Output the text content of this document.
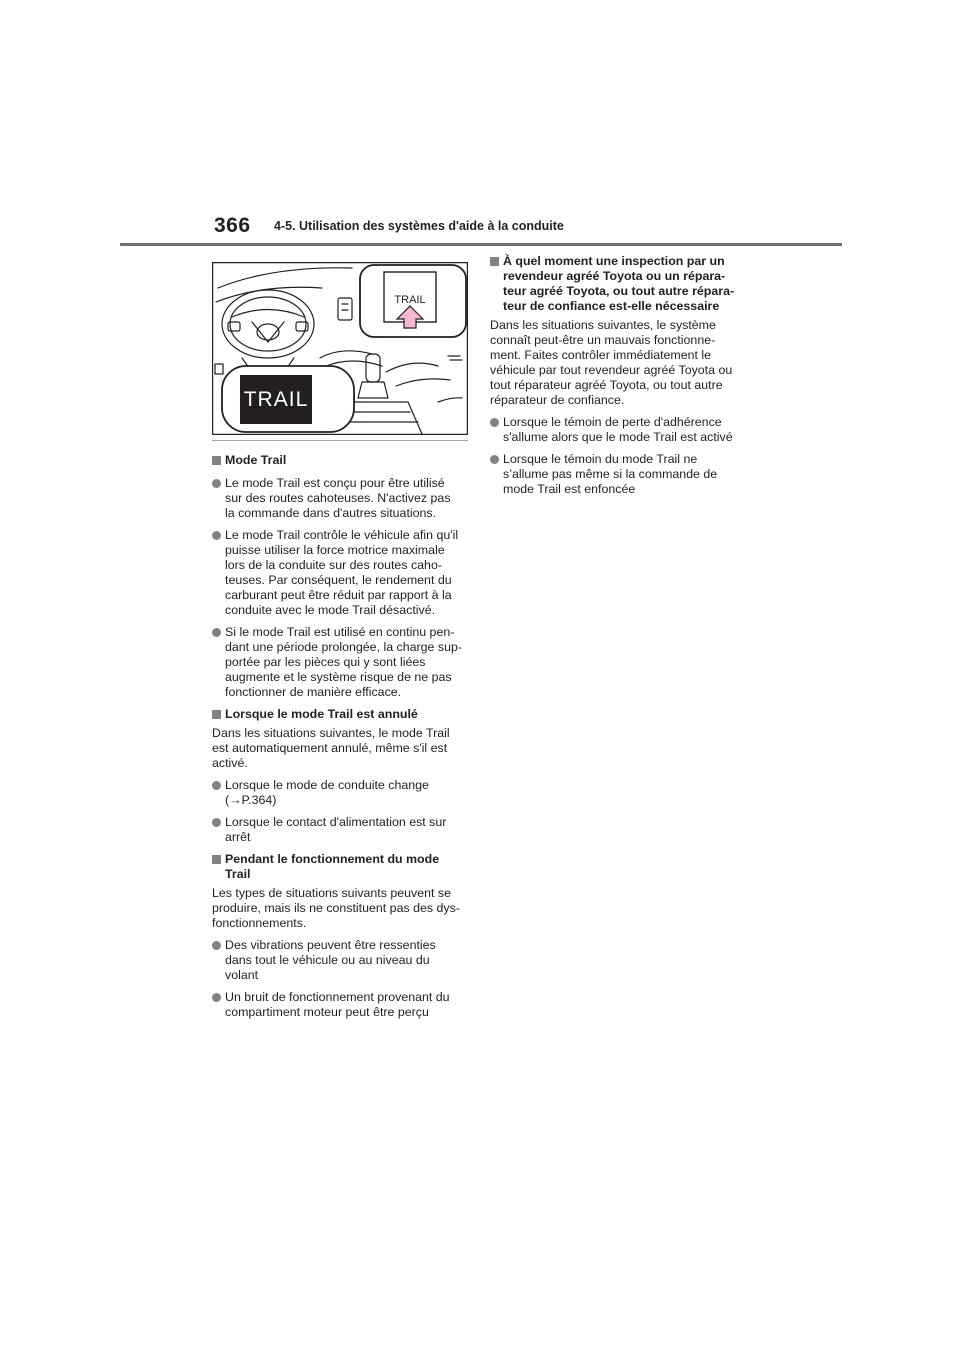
366 4-5. Utilisation des systèmes d'aide à la conduite
TRAIL
TRAIL
Mode Trail
Le mode Trail est conçu pour être utilisé
sur des routes cahoteuses. N'activez pas
la commande dans d'autres situations.
Le mode Trail contrôle le véhicule afin qu'il
puisse utiliser la force motrice maximale
lors de la conduite sur des routes caho-
teuses. Par conséquent, le rendement du
carburant peut être réduit par rapport à la
conduite avec le mode Trail désactivé.
Si le mode Trail est utilisé en continu pen-
dant une période prolongée, la charge sup-
portée par les pièces qui y sont liées
augmente et le système risque de ne pas
fonctionner de manière efficace.
Lorsque le mode Trail est annulé
Dans les situations suivantes, le mode Trail
est automatiquement annulé, même s'il est
activé.
Lorsque le mode de conduite change
(→P.364)
Lorsque le contact d'alimentation est sur
arrêt
Pendant le fonctionnement du mode
Trail
Les types de situations suivants peuvent se
produire, mais ils ne constituent pas des dys-
fonctionnements.
Des vibrations peuvent être ressenties
dans tout le véhicule ou au niveau du
volant
Un bruit de fonctionnement provenant du
compartiment moteur peut être perçu
À quel moment une inspection par un
revendeur agréé Toyota ou un répara-
teur agréé Toyota, ou tout autre répara-
teur de confiance est-elle nécessaire
Dans les situations suivantes, le système
connaît peut-être un mauvais fonctionne-
ment. Faites contrôler immédiatement le
véhicule par tout revendeur agréé Toyota ou
tout réparateur agréé Toyota, ou tout autre
réparateur de confiance.
Lorsque le témoin de perte d'adhérence
s'allume alors que le mode Trail est activé
Lorsque le témoin du mode Trail ne
s’allume pas même si la commande de
mode Trail est enfoncée
